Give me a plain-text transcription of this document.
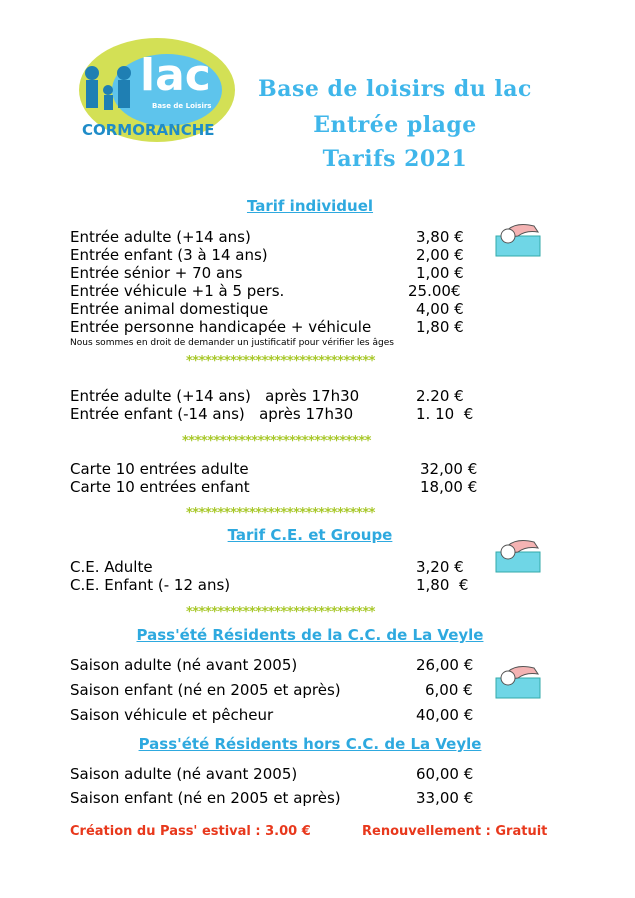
lac
Base de Loisirs
CORMORANCHE
Base de loisirs du lac
Entrée plage
Tarifs 2021
Tarif individuel
Entrée adulte (+14 ans)	3,80 €
Entrée enfant (3 à 14 ans)	2,00 €
Entrée sénior + 70 ans	1,00 €
Entrée véhicule +1 à 5 pers.	25.00€
Entrée animal domestique	4,00 €
Entrée personne handicapée + véhicule	1,80 €
Nous sommes en droit de demander un justificatif pour vérifier les âges
******************************
Entrée adulte (+14 ans)   après 17h30	2.20 €
Entrée enfant (-14 ans)   après 17h30	1. 10  €
******************************
Carte 10 entrées adulte	32,00 €
Carte 10 entrées enfant	18,00 €
******************************
Tarif C.E. et Groupe
C.E. Adulte	3,20 €
C.E. Enfant (- 12 ans)	1,80  €
******************************
Pass'été Résidents de la C.C. de La Veyle
Saison adulte (né avant 2005)	26,00 €
Saison enfant (né en 2005 et après)	6,00 €
Saison véhicule et pêcheur	40,00 €
Pass'été Résidents hors C.C. de La Veyle
Saison adulte (né avant 2005)	60,00 €
Saison enfant (né en 2005 et après)	33,00 €
Création du Pass' estival : 3.00 €	Renouvellement : Gratuit
